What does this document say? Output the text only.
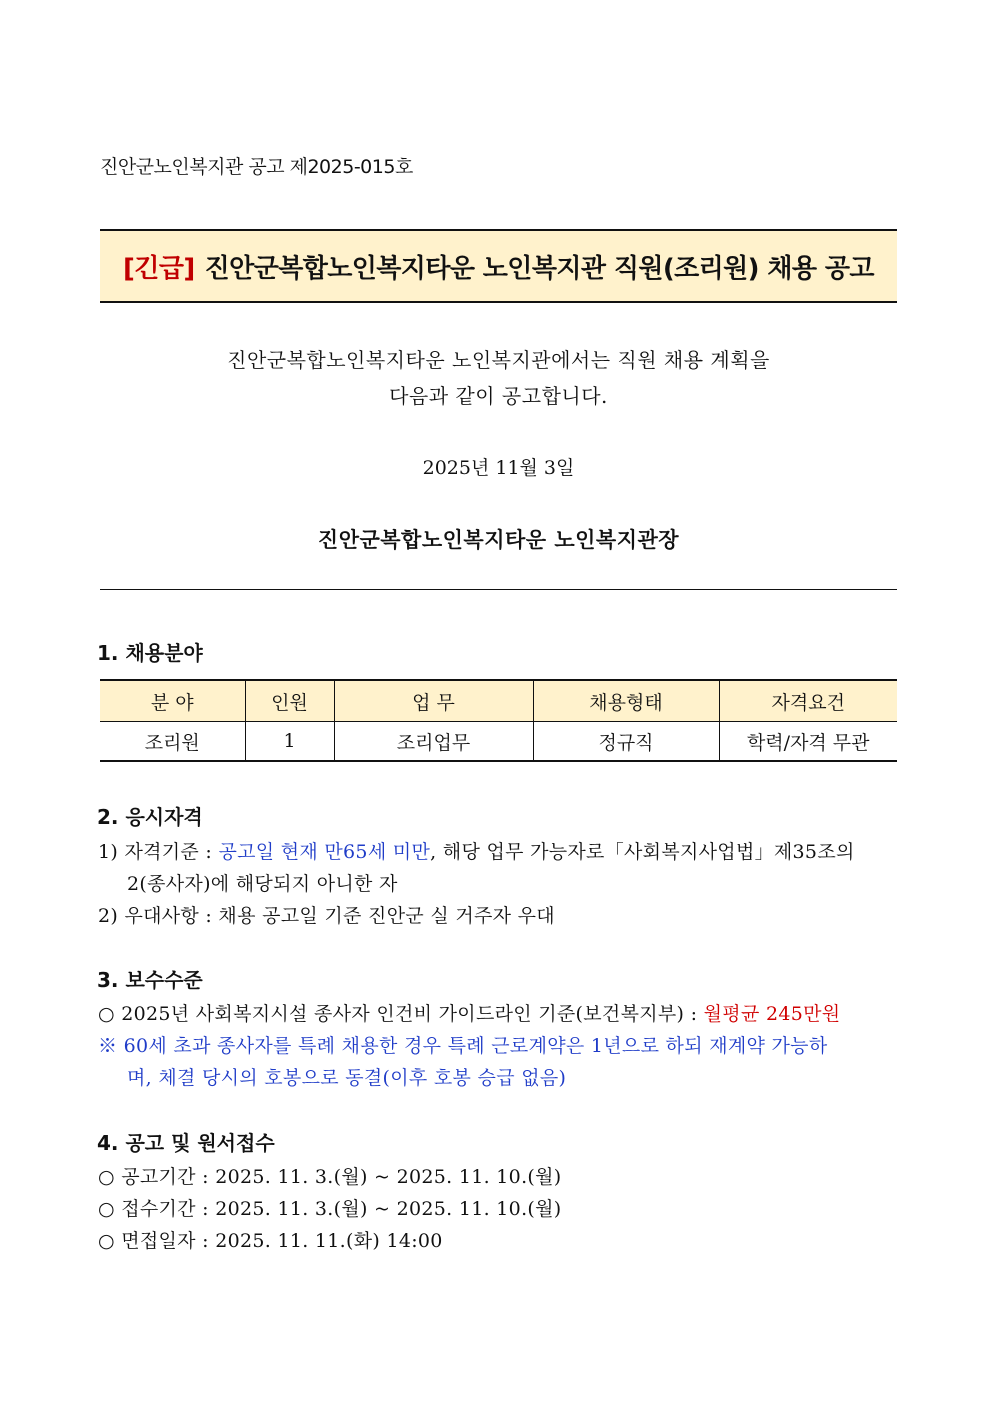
진안군노인복지관 공고 제2025-015호
[긴급] 진안군복합노인복지타운 노인복지관 직원(조리원) 채용 공고
진안군복합노인복지타운 노인복지관에서는 직원 채용 계획을
다음과 같이 공고합니다.
2025년 11월 3일
진안군복합노인복지타운 노인복지관장
1. 채용분야
분 야	인원	업 무	채용형태	자격요건
조리원	1	조리업무	정규직	학력/자격 무관
2. 응시자격
1) 자격기준 : 공고일 현재 만65세 미만, 해당 업무 가능자로「사회복지사업법」제35조의
2(종사자)에 해당되지 아니한 자
2) 우대사항 : 채용 공고일 기준 진안군 실 거주자 우대
3. 보수수준
○ 2025년 사회복지시설 종사자 인건비 가이드라인 기준(보건복지부) : 월평균 245만원
※ 60세 초과 종사자를 특례 채용한 경우 특례 근로계약은 1년으로 하되 재계약 가능하
며, 체결 당시의 호봉으로 동결(이후 호봉 승급 없음)
4. 공고 및 원서접수
○ 공고기간 : 2025. 11. 3.(월) ~ 2025. 11. 10.(월)
○ 접수기간 : 2025. 11. 3.(월) ~ 2025. 11. 10.(월)
○ 면접일자 : 2025. 11. 11.(화) 14:00
